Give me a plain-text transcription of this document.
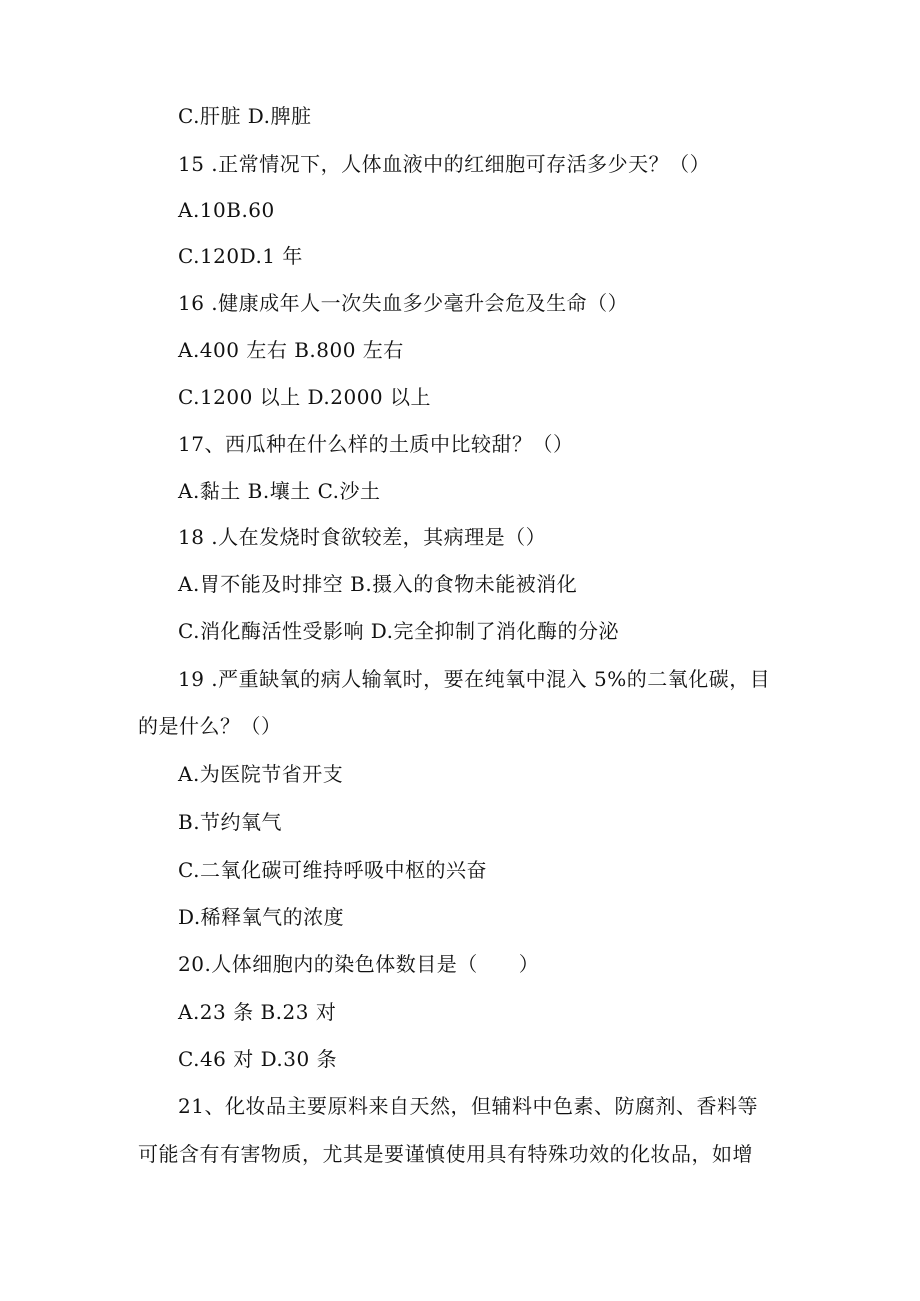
C.肝脏 D.脾脏
15 .正常情况下，人体血液中的红细胞可存活多少天？（）
A.10B.60
C.120D.1 年
16 .健康成年人一次失血多少毫升会危及生命（）
A.400 左右 B.800 左右
C.1200 以上 D.2000 以上
17、西瓜种在什么样的土质中比较甜？（）
A.黏土 B.壤土 C.沙土
18 .人在发烧时食欲较差，其病理是（）
A.胃不能及时排空 B.摄入的食物未能被消化
C.消化酶活性受影响 D.完全抑制了消化酶的分泌
19 .严重缺氧的病人输氧时，要在纯氧中混入 5%的二氧化碳，目
的是什么？（）
A.为医院节省开支
B.节约氧气
C.二氧化碳可维持呼吸中枢的兴奋
D.稀释氧气的浓度
20.人体细胞内的染色体数目是（　　）
A.23 条 B.23 对
C.46 对 D.30 条
21、化妆品主要原料来自天然，但辅料中色素、防腐剂、香料等
可能含有有害物质，尤其是要谨慎使用具有特殊功效的化妆品，如增
